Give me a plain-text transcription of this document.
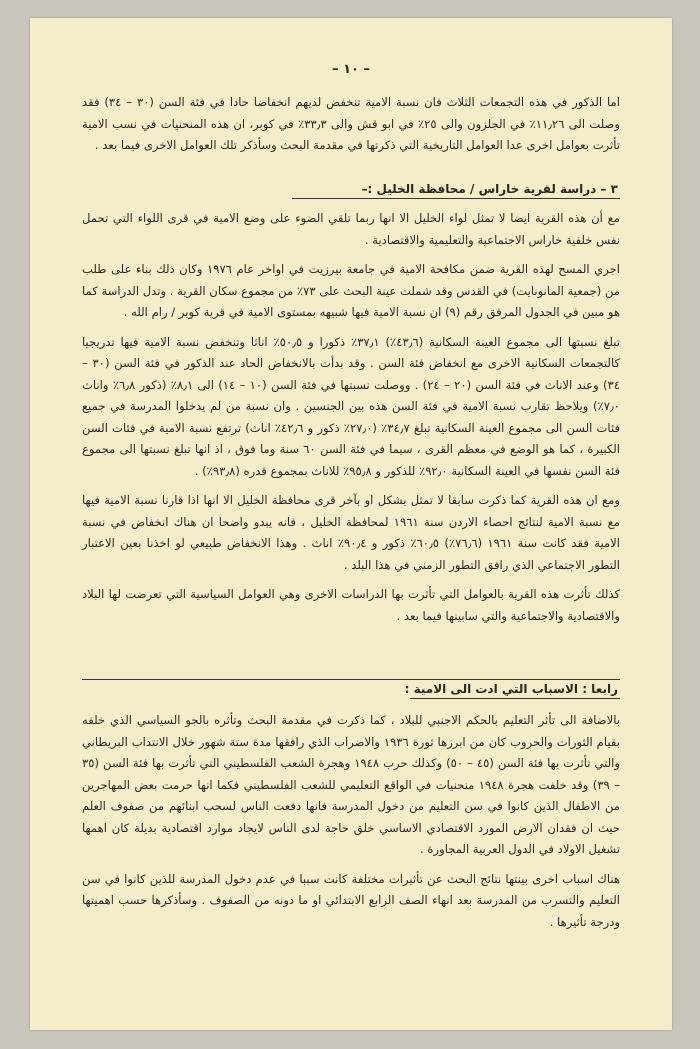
– ١٠ –

اما الذكور في هذه التجمعات الثلاث فان نسبة الامية تنخفض لديهم انخفاضا حادا في فئة السن (٣٠ – ٣٤) فقد وصلت الى ١١٫٢٦٪ في الجلزون والى ٢٥٪ في ابو قش والى ٣٣٫٣٪ في كوبر، ان هذه المنحنيات في نسب الامية تأثرت بعوامل اخرى عدا العوامل التاريخية التي ذكرتها في مقدمة البحث وسأذكر تلك العوامل الاخرى فيما بعد .

٣ – دراسة لقرية خاراس / محافظة الخليل :–

مع أن هذه القرية ايضا لا تمثل لواء الخليل الا انها ربما تلقي الضوء على وضع الامية في قرى اللواء التي تحمل نفس خلفية خاراس الاجتماعية والتعليمية والاقتصادية .

اجري المسح لهذه القرية ضمن مكافحة الامية في جامعة بيرزيت في اواخر عام ١٩٧٦ وكان ذلك بناء على طلب من (جمعية المانونايت) في القدس وقد شملت عينة البحث على ٧٣٪ من مجموع سكان القرية . وتدل الدراسة كما هو مبين في الجدول المرفق رقم (٩) ان نسبة الامية فيها شبيهه بمستوى الامية في قرية كوبر / رام الله .

تبلغ نسبتها الى مجموع العينة السكانية (٤٣٫٦٪) ٣٧٫١٪ ذكورا و ٥٠٫٥٪ اناثا وتنخفض نسبة الامية فيها تدريجيا كالتجمعات السكانية الاخرى مع انخفاض فئة السن . وقد بدأت بالانخفاض الحاد عند الذكور في فئة السن (٣٠ – ٣٤) وعند الاناث في فئة السن (٢٠ – ٢٤) . ووصلت نسبتها في فئة السن (١٠ – ١٤) الى ٨٫١٪ (ذكور ٦٫٨٪ واناث ٧٫٠٪) ويلاحظ تقارب نسبة الامية في فئة السن هذه بين الجنسين . وان نسبة من لم يدخلوا المدرسة في جميع فئات السن الى مجموع العينة السكانية تبلغ ٣٤٫٧٪ (٢٧٫٠٪ ذكور و ٤٢٫٦٪ اناث) ترتفع نسبة الامية في فئات السن الكبيرة ، كما هو الوضع في معظم القرى ، سيما في فئة السن ٦٠ سنة وما فوق ، اذ انها تبلغ نسبتها الى مجموع فئة السن نفسها في العينة السكانية ٩٢٫٠٪ للذكور و ٩٥٫٨٪ للاناث بمجموع قدره (٩٣٫٨٪) .

ومع ان هذه القرية كما ذكرت سابقا لا تمثل بشكل او بآخر قرى محافظة الخليل الا انها اذا قارنا نسبة الامية فيها مع نسبة الامية لنتائج احصاء الاردن سنة ١٩٦١ لمحافظة الخليل ، فانه يبدو واضحا ان هناك انخفاض في نسبة الامية فقد كانت سنة ١٩٦١ (٧٦٫٦٪) ٦٠٫٥٪ ذكور و ٩٠٫٤٪ اناث . وهذا الانخفاض طبيعي لو اخذنا بعين الاعتبار التطور الاجتماعي الذي رافق التطور الزمني في هذا البلد .

كذلك تأثرت هذه القرية بالعوامل التي تأثرت بها الدراسات الاخرى وهي العوامل السياسية التي تعرضت لها البلاد والاقتصادية والاجتماعية والتي سابينها فيما بعد .

رابعا : الاسباب التي ادت الى الامية :

بالاضافة الى تأثر التعليم بالحكم الاجنبي للبلاد ، كما ذكرت في مقدمة البحث وتأثره بالجو السياسي الذي خلفه بقيام الثورات والحروب كان من ابرزها ثورة ١٩٣٦ والاضراب الذي رافقها مدة ستة شهور خلال الانتداب البريطاني والتي تأثرت بها فئة السن (٤٥ – ٥٠) وكذلك حرب ١٩٤٨ وهجرة الشعب الفلسطيني التي تأثرت بها فئة السن (٣٥ – ٣٩) وقد خلفت هجرة ١٩٤٨ منحنيات في الواقع التعليمي للشعب الفلسطيني فكما انها حرمت بعض المهاجرين من الاطفال الذين كانوا في سن التعليم من دخول المدرسة فانها دفعت الناس لسحب ابنائهم من صفوف العلم حيث ان فقدان الارض المورد الاقتصادي الاساسي خلق حاجة لدى الناس لايجاد موارد اقتصادية بديلة كان اهمها تشغيل الاولاد في الدول العربية المجاورة .

هناك اسباب اخرى بينتها نتائج البحث عن تأثيرات مختلفة كانت سببا في عدم دخول المدرسة للذين كانوا في سن التعليم والتسرب من المدرسة بعد انهاء الصف الرابع الابتدائي او ما دونه من الصفوف . وسأذكرها حسب اهميتها ودرجة تأثيرها .
